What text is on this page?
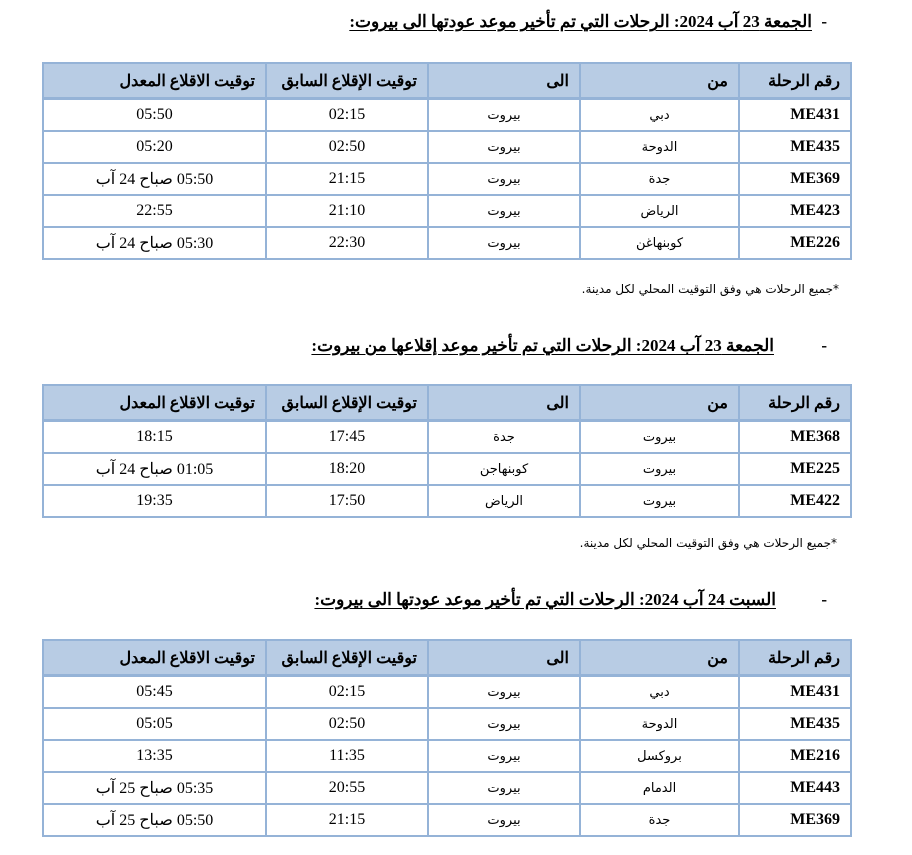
-
الجمعة 23 آب 2024: الرحلات التي تم تأخير موعد عودتها الى بيروت:
رقم الرحلة	من	الى	توقيت الإقلاع السابق	توقيت الاقلاع المعدل
ME431	دبي	بيروت	02:15	05:50
ME435	الدوحة	بيروت	02:50	05:20
ME369	جدة	بيروت	21:15	05:50 صباح 24 آب
ME423	الرياض	بيروت	21:10	22:55
ME226	كوبنهاغن	بيروت	22:30	05:30 صباح 24 آب
*جميع الرحلات هي وفق التوقيت المحلي لكل مدينة.
-
الجمعة 23 آب 2024: الرحلات التي تم تأخير موعد إقلاعها من بيروت:
رقم الرحلة	من	الى	توقيت الإقلاع السابق	توقيت الاقلاع المعدل
ME368	بيروت	جدة	17:45	18:15
ME225	بيروت	كوبنهاجن	18:20	01:05 صباح 24 آب
ME422	بيروت	الرياض	17:50	19:35
*جميع الرحلات هي وفق التوقيت المحلي لكل مدينة.
-
السبت 24 آب 2024: الرحلات التي تم تأخير موعد عودتها الى بيروت:
رقم الرحلة	من	الى	توقيت الإقلاع السابق	توقيت الاقلاع المعدل
ME431	دبي	بيروت	02:15	05:45
ME435	الدوحة	بيروت	02:50	05:05
ME216	بروكسل	بيروت	11:35	13:35
ME443	الدمام	بيروت	20:55	05:35 صباح 25 آب
ME369	جدة	بيروت	21:15	05:50 صباح 25 آب
